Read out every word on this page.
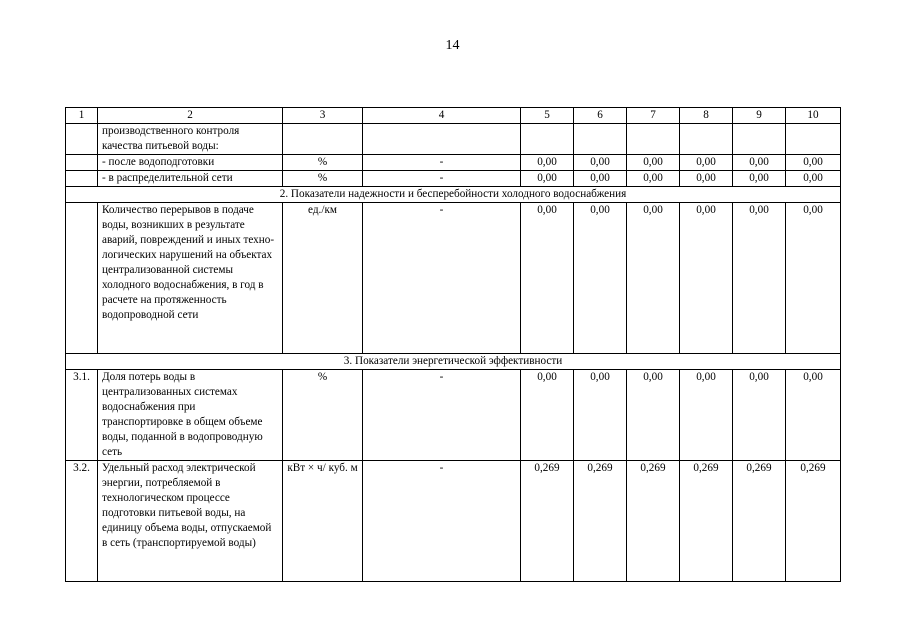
14
1	2	3	4	5	6	7	8	9	10
	производственного контроля качества питьевой воды:								
	- после водоподготовки	%	-	0,00	0,00	0,00	0,00	0,00	0,00
	- в распределительной сети	%	-	0,00	0,00	0,00	0,00	0,00	0,00
2. Показатели надежности и бесперебойности холодного водоснабжения									
	Количество перерывов в подаче воды, возникших в результате аварий, повреждений и иных техно-логических нарушений на объектах централизованной системы холодного водоснабжения, в год в расчете на протяженность водопроводной сети	ед./км	-	0,00	0,00	0,00	0,00	0,00	0,00
3. Показатели энергетической эффективности									
3.1.	Доля потерь воды в централизованных системах водоснабжения при транспортировке в общем объеме воды, поданной в водопроводную сеть	%	-	0,00	0,00	0,00	0,00	0,00	0,00
3.2.	Удельный расход электрической энергии, потребляемой в технологическом процессе подготовки питьевой воды, на единицу объема воды, отпускаемой в сеть (транспортируемой воды)	кВт × ч/ куб. м	-	0,269	0,269	0,269	0,269	0,269	0,269
